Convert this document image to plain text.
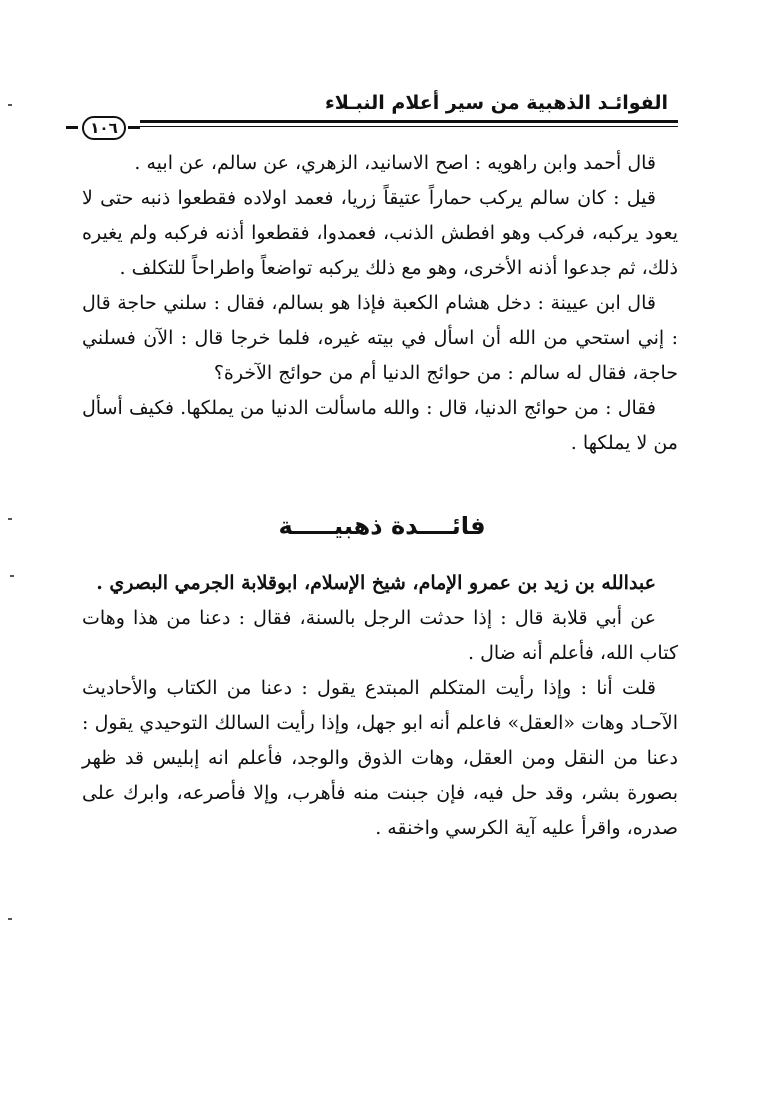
الفوائـد الذهبية من سير أعلام النبـلاء
١٠٦

قال أحمد وابن راهويه : اصح الاسانيد، الزهري، عن سالم، عن ابيه .

قيل : كان سالم يركب حماراً عتيقاً زريا، فعمد اولاده فقطعوا ذنبه حتى لا يعود يركبه، فركب وهو افطش الذنب، فعمدوا، فقطعوا أذنه فركبه ولم يغيره ذلك، ثم جدعوا أذنه الأخرى، وهو مع ذلك يركبه تواضعاً واطراحاً للتكلف .

قال ابن عيينة : دخل هشام الكعبة فإذا هو بسالم، فقال : سلني حاجة قال : إني استحي من الله أن اسأل في بيته غيره، فلما خرجا قال : الآن فسلني حاجة، فقال له سالم : من حوائج الدنيا أم من حوائج الآخرة؟

فقال : من حوائج الدنيا، قال : والله ماسألت الدنيا من يملكها. فكيف أسأل من لا يملكها .

فائــــدة ذهبيـــــة

عبدالله بن زيد بن عمرو الإمام، شيخ الإسلام، ابوقلابة الجرمي البصري .

عن أبي قلابة قال : إذا حدثت الرجل بالسنة، فقال : دعنا من هذا وهات كتاب الله، فأعلم أنه ضال .

قلت أنا : وإذا رأيت المتكلم المبتدع يقول : دعنا من الكتاب والأحاديث الآحـاد وهات «العقل» فاعلم أنه ابو جهل، وإذا رأيت السالك التوحيدي يقول : دعنا من النقل ومن العقل، وهات الذوق والوجد، فأعلم انه إبليس قد ظهر بصورة بشر، وقد حل فيه، فإن جبنت منه فأهرب، وإلا فأصرعه، وابرك على صدره، واقرأ عليه آية الكرسي واخنقه .
